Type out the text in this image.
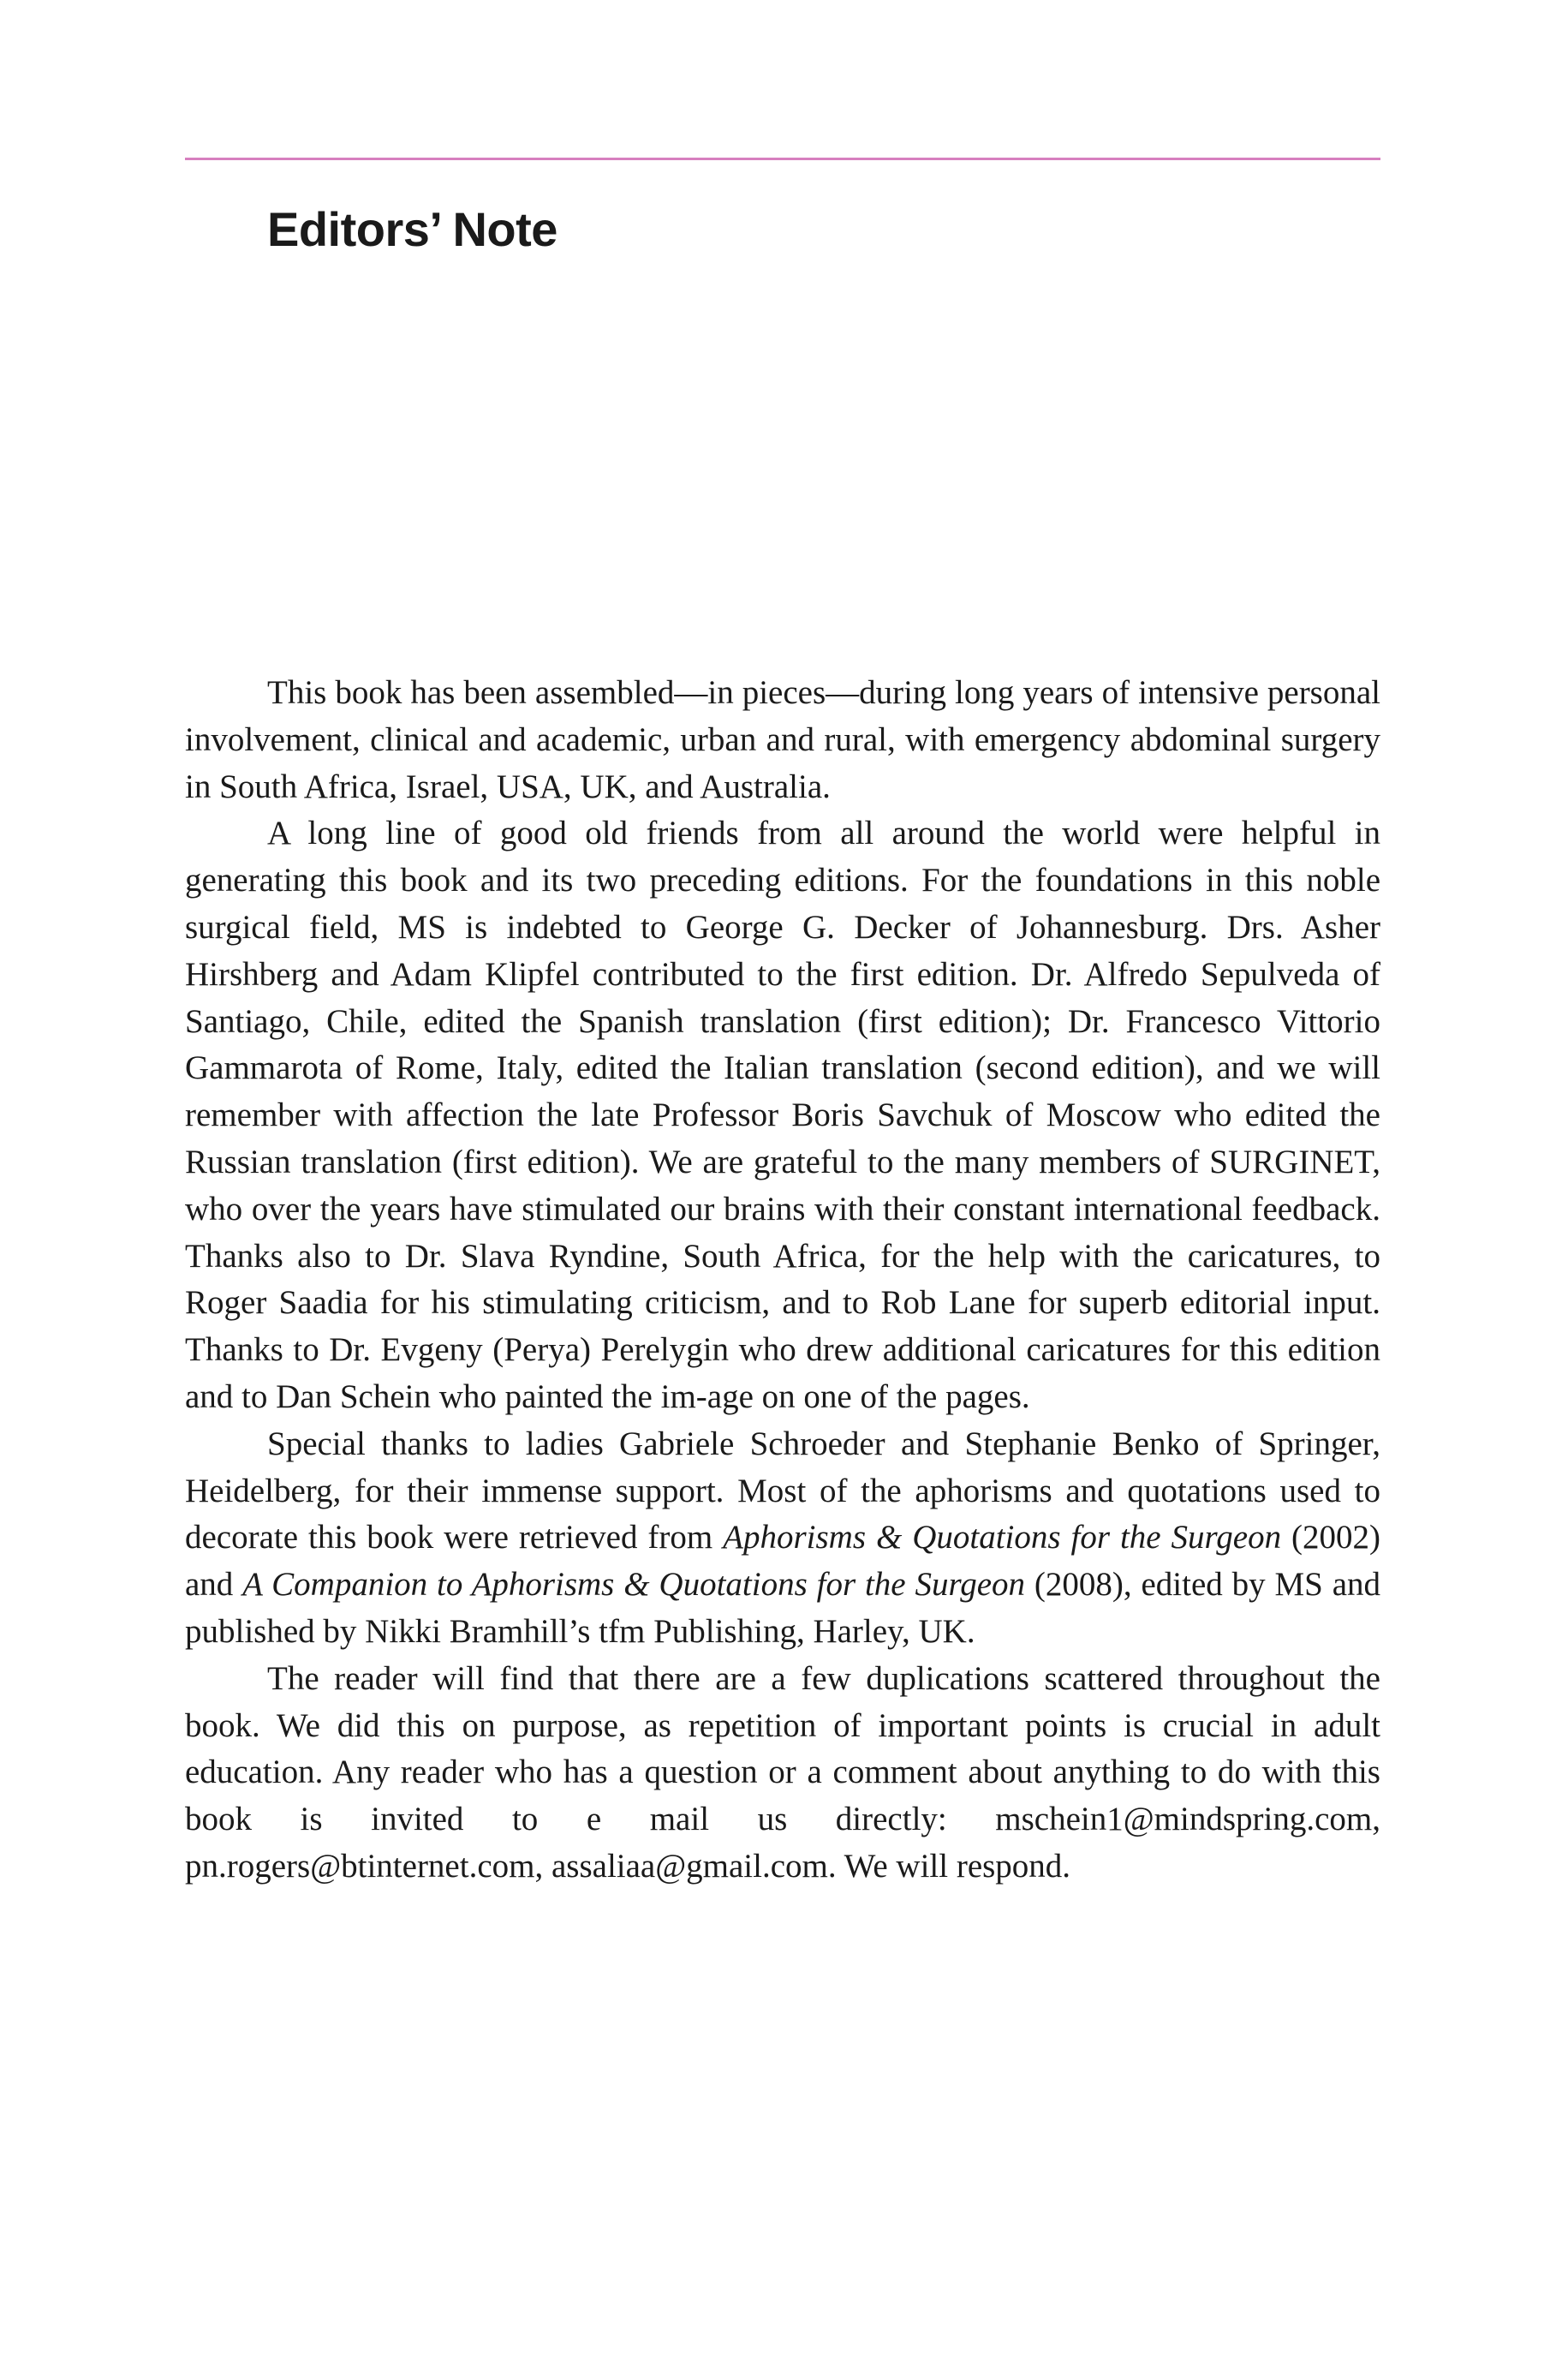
Editors’ Note

This book has been assembled—in pieces—during long years of intensive personal involvement, clinical and academic, urban and rural, with emergency abdominal surgery in South Africa, Israel, USA, UK, and Australia.

A long line of good old friends from all around the world were helpful in generating this book and its two preceding editions. For the foundations in this noble surgical field, MS is indebted to George G. Decker of Johannesburg. Drs. Asher Hirshberg and Adam Klipfel contributed to the first edition. Dr. Alfredo Sepulveda of Santiago, Chile, edited the Spanish translation (first edition); Dr. Francesco Vittorio Gammarota of Rome, Italy, edited the Italian translation (second edition), and we will remember with affection the late Professor Boris Savchuk of Moscow who edited the Russian translation (first edition). We are grateful to the many members of SURGINET, who over the years have stimulated our brains with their constant international feedback. Thanks also to Dr. Slava Ryndine, South Africa, for the help with the caricatures, to Roger Saadia for his stimulating criticism, and to Rob Lane for superb editorial input. Thanks to Dr. Evgeny (Perya) Perelygin who drew additional caricatures for this edition and to Dan Schein who painted the im-age on one of the pages.

Special thanks to ladies Gabriele Schroeder and Stephanie Benko of Springer, Heidelberg, for their immense support. Most of the aphorisms and quotations used to decorate this book were retrieved from Aphorisms & Quotations for the Surgeon (2002) and A Companion to Aphorisms & Quotations for the Surgeon (2008), edited by MS and published by Nikki Bramhill’s tfm Publishing, Harley, UK.

The reader will find that there are a few duplications scattered throughout the book. We did this on purpose, as repetition of important points is crucial in adult education. Any reader who has a question or a comment about anything to do with this book is invited to e mail us directly: mschein1@mindspring.com, pn.rogers@btinternet.com, assaliaa@gmail.com. We will respond.
